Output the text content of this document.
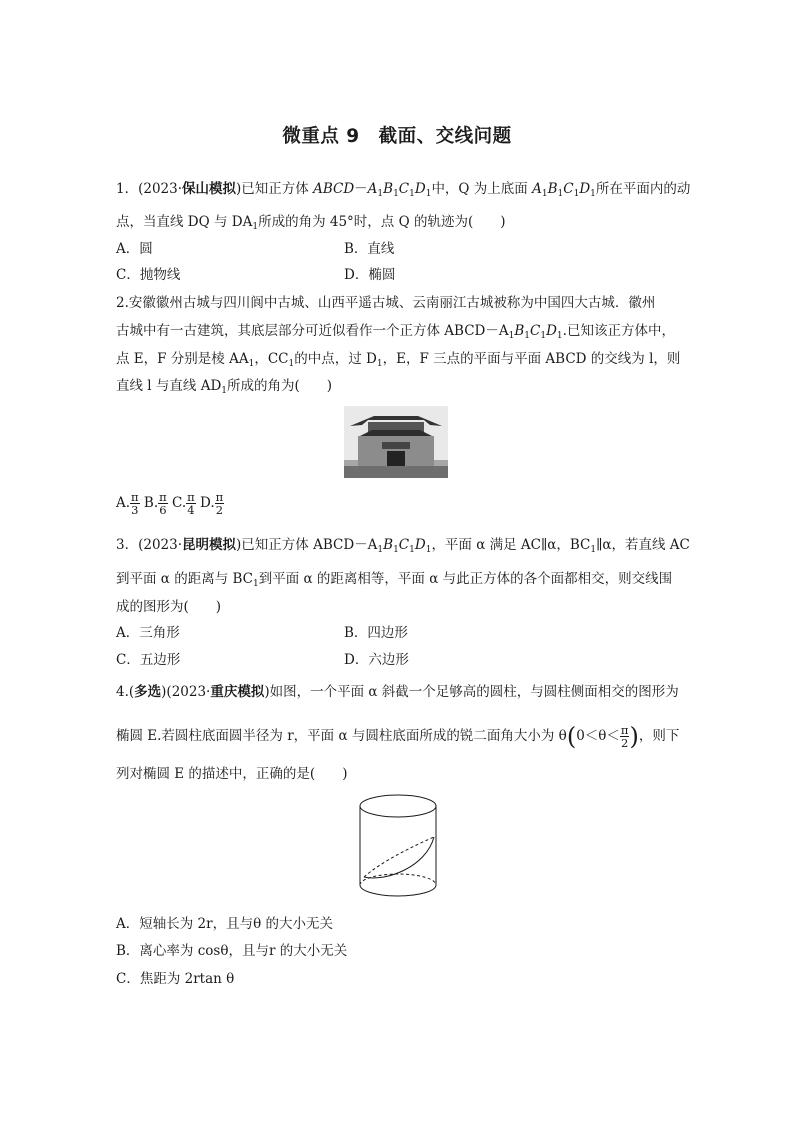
微重点 9　截面、交线问题
1．(2023·保山模拟)已知正方体 $ABCD-A_1B_1C_1D_1$中，Q 为上底面 $A_1B_1C_1D_1$所在平面内的动
点，当直线 DQ 与 $DA_1$所成的角为 45°时，点 Q 的轨迹为(　　)
A．圆	B．直线
C．抛物线	D．椭圆
2.安徽徽州古城与四川阆中古城、山西平遥古城、云南丽江古城被称为中国四大古城．徽州
古城中有一古建筑，其底层部分可近似看作一个正方体 $ABCD-A_1B_1C_1D_1$.已知该正方体中，
点 E，F 分别是棱 $AA_1$，$CC_1$的中点，过 $D_1$，E，F 三点的平面与平面 ABCD 的交线为 l，则
直线 l 与直线 $AD_1$所成的角为(　　)
A. $\frac{\pi}{3} B$. $\frac{\pi}{6} C$. $\frac{\pi}{4} D$. $\frac{\pi}{2}$
3．(2023·昆明模拟)已知正方体 $ABCD-A_1B_1C_1D_1$，平面 α 满足 AC∥α，$BC_1\parallel\alpha$，若直线 AC
到平面 α 的距离与 $BC_1$到平面 α 的距离相等，平面 α 与此正方体的各个面都相交，则交线围
成的图形为(　　)
A．三角形	B．四边形
C．五边形	D．六边形
4.(多选)(2023·重庆模拟)如图，一个平面 α 斜截一个足够高的圆柱，与圆柱侧面相交的图形为
椭圆 E.若圆柱底面圆半径为 r，平面 α 与圆柱底面所成的锐二面角大小为 $\theta(0<\theta< \frac{\pi}{2}$ )，则下
列对椭圆 E 的描述中，正确的是(　　)
A．短轴长为 2r，且与θ 的大小无关
B．离心率为 cosθ，且与r 的大小无关
C．焦距为 2rtan θ
